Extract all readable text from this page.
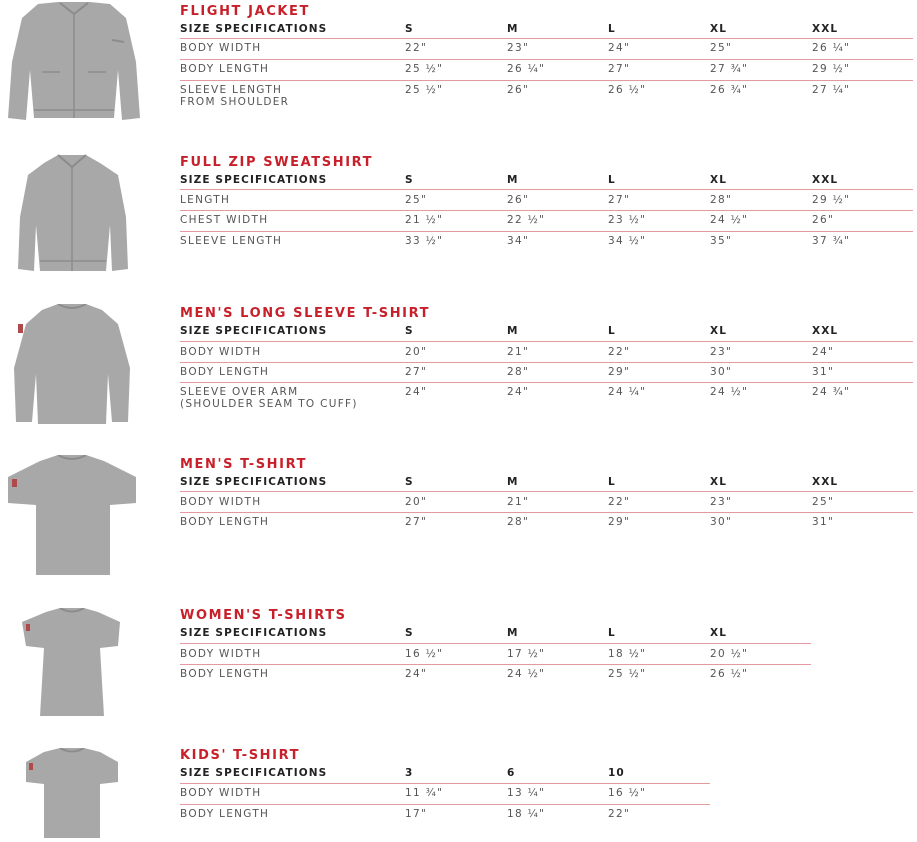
FLIGHT JACKET
SIZE SPECIFICATIONS	S	M	L	XL	XXL
BODY WIDTH	22"	23"	24"	25"	26 ¼"
BODY LENGTH	25 ½"	26 ¼"	27"	27 ¾"	29 ½"
SLEEVE LENGTH
FROM SHOULDER
25 ½"	26"	26 ½"	26 ¾"	27 ¼"
FULL ZIP SWEATSHIRT
SIZE SPECIFICATIONS	S	M	L	XL	XXL
LENGTH	25"	26"	27"	28"	29 ½"
CHEST WIDTH	21 ½"	22 ½"	23 ½"	24 ½"	26"
SLEEVE LENGTH	33 ½"	34"	34 ½"	35"	37 ¾"
MEN'S LONG SLEEVE T-SHIRT
SIZE SPECIFICATIONS	S	M	L	XL	XXL
BODY WIDTH	20"	21"	22"	23"	24"
BODY LENGTH	27"	28"	29"	30"	31"
SLEEVE OVER ARM
(SHOULDER SEAM TO CUFF)
24"	24"	24 ¼"	24 ½"	24 ¾"
MEN'S T-SHIRT
SIZE SPECIFICATIONS	S	M	L	XL	XXL
BODY WIDTH	20"	21"	22"	23"	25"
BODY LENGTH	27"	28"	29"	30"	31"
WOMEN'S T-SHIRTS
SIZE SPECIFICATIONS	S	M	L	XL
BODY WIDTH	16 ½"	17 ½"	18 ½"	20 ½"
BODY LENGTH	24"	24 ½"	25 ½"	26 ½"
KIDS' T-SHIRT
SIZE SPECIFICATIONS	3	6	10
BODY WIDTH	11 ¾"	13 ¼"	16 ½"
BODY LENGTH	17"	18 ¼"	22"
